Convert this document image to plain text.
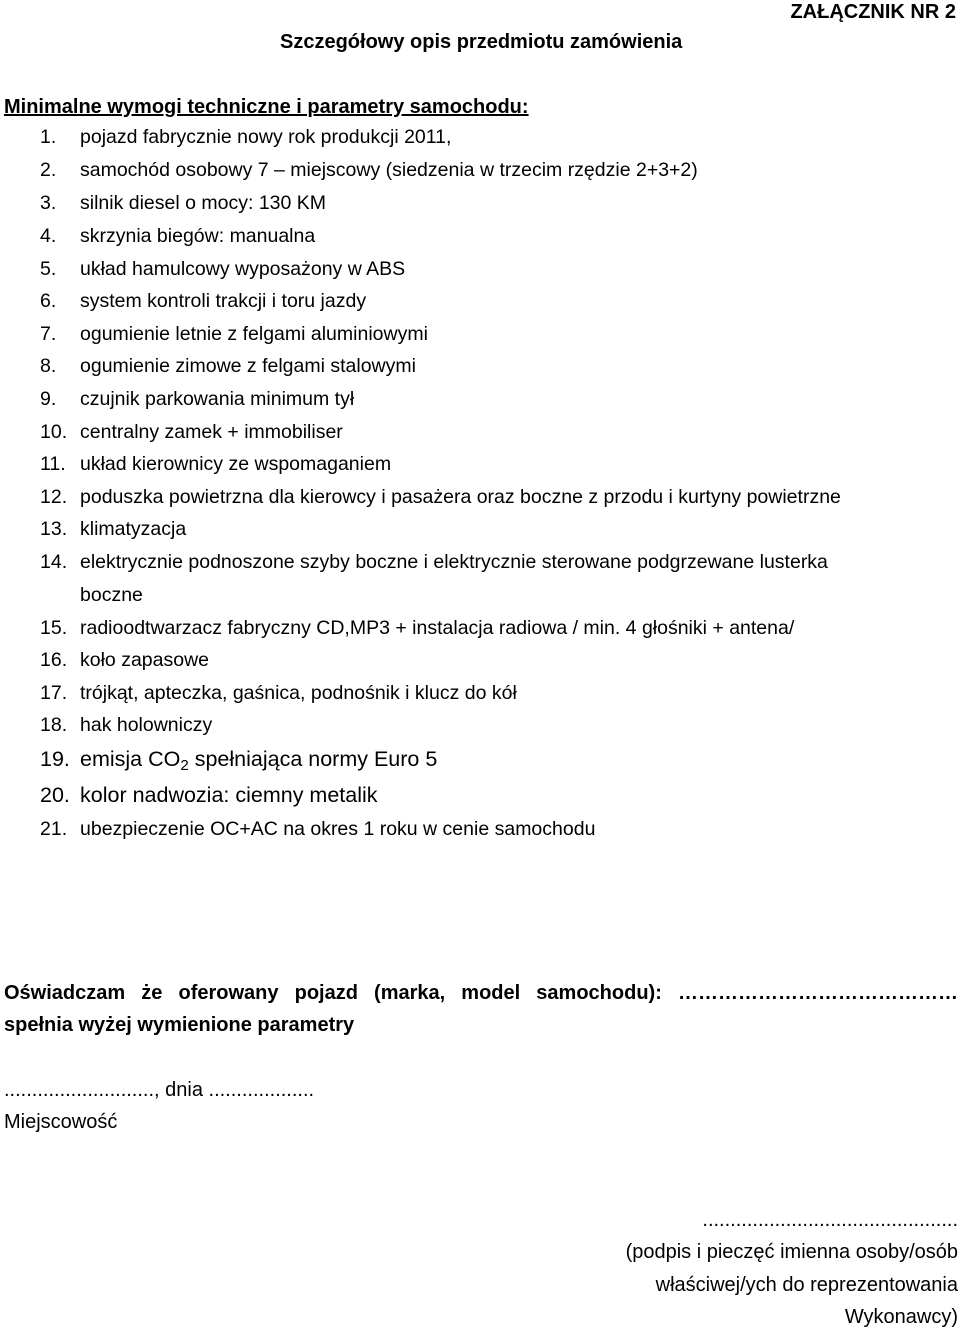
ZAŁĄCZNIK NR 2
Szczegółowy opis przedmiotu zamówienia
Minimalne wymogi techniczne i parametry samochodu:
1. pojazd fabrycznie nowy rok produkcji 2011,
2. samochód osobowy 7 – miejscowy (siedzenia w trzecim rzędzie 2+3+2)
3. silnik diesel o mocy: 130 KM
4. skrzynia biegów: manualna
5. układ hamulcowy wyposażony w ABS
6. system kontroli trakcji i toru jazdy
7. ogumienie letnie z felgami aluminiowymi
8. ogumienie zimowe z felgami stalowymi
9. czujnik parkowania minimum tył
10. centralny zamek + immobiliser
11. układ kierownicy ze wspomaganiem
12. poduszka powietrzna dla kierowcy i pasażera oraz boczne z przodu i kurtyny powietrzne
13. klimatyzacja
14. elektrycznie podnoszone szyby boczne i elektrycznie sterowane podgrzewane lusterka
boczne
15. radioodtwarzacz fabryczny CD,MP3 + instalacja radiowa / min. 4 głośniki + antena/
16. koło zapasowe
17. trójkąt, apteczka, gaśnica, podnośnik i klucz do kół
18. hak holowniczy
19. emisja $CO_2$ spełniająca normy Euro 5
20. kolor nadwozia: ciemny metalik
21. ubezpieczenie OC+AC na okres 1 roku w cenie samochodu
Oświadczam że oferowany pojazd (marka, model samochodu): ……………………………………
spełnia wyżej wymienione parametry
..........................., dnia ...................
Miejscowość
..............................................
(podpis i pieczęć imienna osoby/osób
właściwej/ych do reprezentowania
Wykonawcy)
